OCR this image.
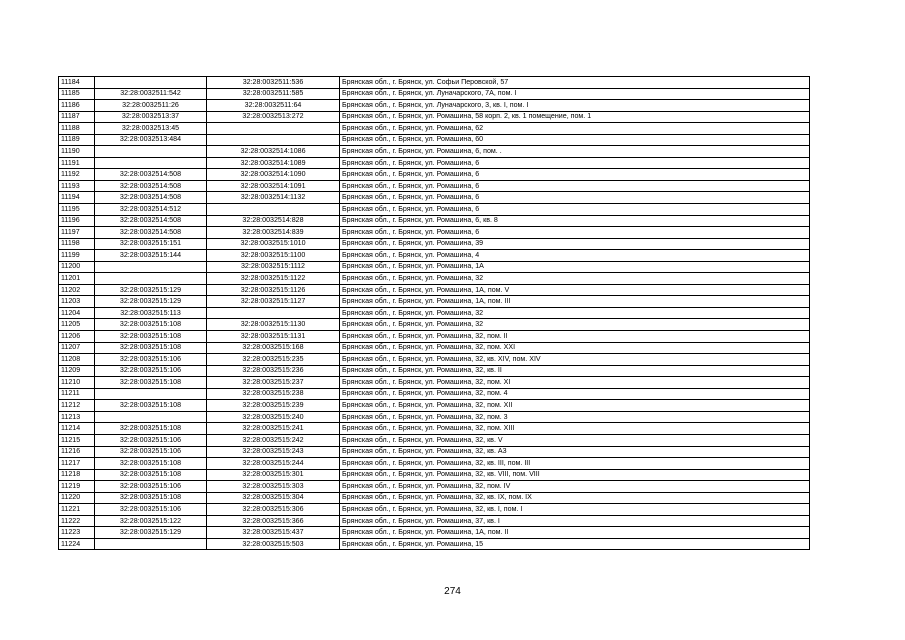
11184		32:28:0032511:536	Брянская обл., г. Брянск, ул. Софьи Перовской, 57
11185	32:28:0032511:542	32:28:0032511:585	Брянская обл., г. Брянск, ул. Луначарского, 7А, пом. I
11186	32:28:0032511:26	32:28:0032511:64	Брянская обл., г. Брянск, ул. Луначарского, 3, кв. I, пом. I
11187	32:28:0032513:37	32:28:0032513:272	Брянская обл., г. Брянск, ул. Ромашина, 58 корп. 2, кв. 1 помещение, пом. 1
11188	32:28:0032513:45		Брянская обл., г. Брянск, ул. Ромашина, 62
11189	32:28:0032513:484		Брянская обл., г. Брянск, ул. Ромашина, 60
11190		32:28:0032514:1086	Брянская обл., г. Брянск, ул. Ромашина, 6, пом. .
11191		32:28:0032514:1089	Брянская обл., г. Брянск, ул. Ромашина, 6
11192	32:28:0032514:508	32:28:0032514:1090	Брянская обл., г. Брянск, ул. Ромашина, 6
11193	32:28:0032514:508	32:28:0032514:1091	Брянская обл., г. Брянск, ул. Ромашина, 6
11194	32:28:0032514:508	32:28:0032514:1132	Брянская обл., г. Брянск, ул. Ромашина, 6
11195	32:28:0032514:512		Брянская обл., г. Брянск, ул. Ромашина, 6
11196	32:28:0032514:508	32:28:0032514:828	Брянская обл., г. Брянск, ул. Ромашина, 6, кв. 8
11197	32:28:0032514:508	32:28:0032514:839	Брянская обл., г. Брянск, ул. Ромашина, 6
11198	32:28:0032515:151	32:28:0032515:1010	Брянская обл., г. Брянск, ул. Ромашина, 39
11199	32:28:0032515:144	32:28:0032515:1100	Брянская обл., г. Брянск, ул. Ромашина, 4
11200		32:28:0032515:1112	Брянская обл., г. Брянск, ул. Ромашина, 1А
11201		32:28:0032515:1122	Брянская обл., г. Брянск, ул. Ромашина, 32
11202	32:28:0032515:129	32:28:0032515:1126	Брянская обл., г. Брянск, ул. Ромашина, 1А, пом. V
11203	32:28:0032515:129	32:28:0032515:1127	Брянская обл., г. Брянск, ул. Ромашина, 1А, пом. III
11204	32:28:0032515:113		Брянская обл., г. Брянск, ул. Ромашина, 32
11205	32:28:0032515:108	32:28:0032515:1130	Брянская обл., г. Брянск, ул. Ромашина, 32
11206	32:28:0032515:108	32:28:0032515:1131	Брянская обл., г. Брянск, ул. Ромашина, 32, пом. II
11207	32:28:0032515:108	32:28:0032515:168	Брянская обл., г. Брянск, ул. Ромашина, 32, пом. XXI
11208	32:28:0032515:106	32:28:0032515:235	Брянская обл., г. Брянск, ул. Ромашина, 32, кв. XIV, пом. XIV
11209	32:28:0032515:106	32:28:0032515:236	Брянская обл., г. Брянск, ул. Ромашина, 32, кв. II
11210	32:28:0032515:108	32:28:0032515:237	Брянская обл., г. Брянск, ул. Ромашина, 32, пом. XI
11211		32:28:0032515:238	Брянская обл., г. Брянск, ул. Ромашина, 32, пом. 4
11212	32:28:0032515:108	32:28:0032515:239	Брянская обл., г. Брянск, ул. Ромашина, 32, пом. XII
11213		32:28:0032515:240	Брянская обл., г. Брянск, ул. Ромашина, 32, пом. 3
11214	32:28:0032515:108	32:28:0032515:241	Брянская обл., г. Брянск, ул. Ромашина, 32, пом. XIII
11215	32:28:0032515:106	32:28:0032515:242	Брянская обл., г. Брянск, ул. Ромашина, 32, кв. V
11216	32:28:0032515:106	32:28:0032515:243	Брянская обл., г. Брянск, ул. Ромашина, 32, кв. А3
11217	32:28:0032515:108	32:28:0032515:244	Брянская обл., г. Брянск, ул. Ромашина, 32, кв. III, пом. III
11218	32:28:0032515:108	32:28:0032515:301	Брянская обл., г. Брянск, ул. Ромашина, 32, кв. VIII, пом. VIII
11219	32:28:0032515:106	32:28:0032515:303	Брянская обл., г. Брянск, ул. Ромашина, 32, пом. IV
11220	32:28:0032515:108	32:28:0032515:304	Брянская обл., г. Брянск, ул. Ромашина, 32, кв. IX, пом. IX
11221	32:28:0032515:106	32:28:0032515:306	Брянская обл., г. Брянск, ул. Ромашина, 32, кв. I, пом. I
11222	32:28:0032515:122	32:28:0032515:366	Брянская обл., г. Брянск, ул. Ромашина, 37, кв. I
11223	32:28:0032515:129	32:28:0032515:437	Брянская обл., г. Брянск, ул. Ромашина, 1А, пом. II
11224		32:28:0032515:503	Брянская обл., г. Брянск, ул. Ромашина, 15
274
